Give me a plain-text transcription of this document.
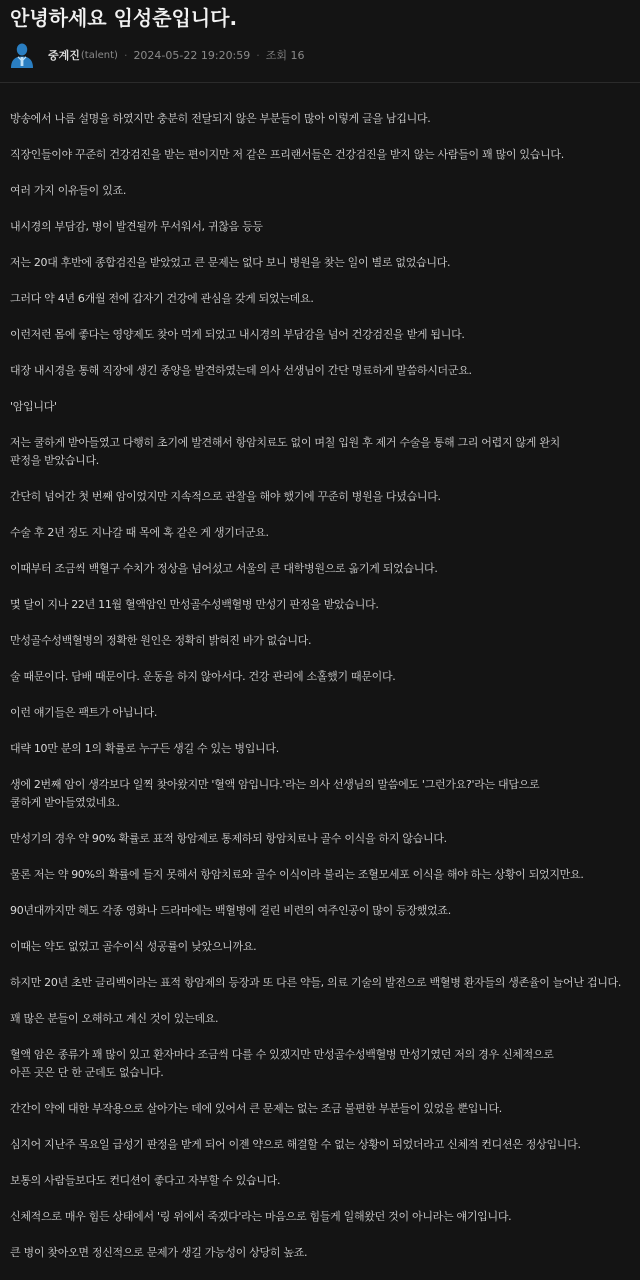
안녕하세요 임성춘입니다.
중계진 (talent) · 2024-05-22 19:20:59 · 조회 16

방송에서 나름 설명을 하였지만 충분히 전달되지 않은 부분들이 많아 이렇게 글을 남깁니다.

직장인들이야 꾸준히 건강검진을 받는 편이지만 저 같은 프리랜서들은 건강검진을 받지 않는 사람들이 꽤 많이 있습니다.

여러 가지 이유들이 있죠.

내시경의 부담감, 병이 발견될까 무서워서, 귀찮음 등등

저는 20대 후반에 종합검진을 받았었고 큰 문제는 없다 보니 병원을 찾는 일이 별로 없었습니다.

그러다 약 4년 6개월 전에 갑자기 건강에 관심을 갖게 되었는데요.

이런저런 몸에 좋다는 영양제도 찾아 먹게 되었고 내시경의 부담감을 넘어 건강검진을 받게 됩니다.

대장 내시경을 통해 직장에 생긴 종양을 발견하였는데 의사 선생님이 간단 명료하게 말씀하시더군요.

'암입니다'

저는 쿨하게 받아들였고 다행히 초기에 발견해서 항암치료도 없이 며칠 입원 후 제거 수술을 통해 그리 어렵지 않게 완치
판정을 받았습니다.

간단히 넘어간 첫 번째 암이었지만 지속적으로 관찰을 해야 했기에 꾸준히 병원을 다녔습니다.

수술 후 2년 정도 지나갈 때 목에 혹 같은 게 생기더군요.

이때부터 조금씩 백혈구 수치가 정상을 넘어섰고 서울의 큰 대학병원으로 옮기게 되었습니다.

몇 달이 지나 22년 11월 혈액암인 만성골수성백혈병 만성기 판정을 받았습니다.

만성골수성백혈병의 정확한 원인은 정확히 밝혀진 바가 없습니다.

술 때문이다. 담배 때문이다. 운동을 하지 않아서다. 건강 관리에 소홀했기 때문이다.

이런 얘기들은 팩트가 아닙니다.

대략 10만 분의 1의 확률로 누구든 생길 수 있는 병입니다.

생에 2번째 암이 생각보다 일찍 찾아왔지만 '혈액 암입니다.'라는 의사 선생님의 말씀에도 '그런가요?'라는 대답으로
쿨하게 받아들였었네요.

만성기의 경우 약 90% 확률로 표적 항암제로 통제하되 항암치료나 골수 이식을 하지 않습니다.

물론 저는 약 90%의 확률에 들지 못해서 항암치료와 골수 이식이라 불리는 조혈모세포 이식을 해야 하는 상황이 되었지만요.

90년대까지만 해도 각종 영화나 드라마에는 백혈병에 걸린 비련의 여주인공이 많이 등장했었죠.

이때는 약도 없었고 골수이식 성공률이 낮았으니까요.

하지만 20년 초반 글리벡이라는 표적 항암제의 등장과 또 다른 약들, 의료 기술의 발전으로 백혈병 환자들의 생존율이 늘어난 겁니다.

꽤 많은 분들이 오해하고 계신 것이 있는데요.

혈액 암은 종류가 꽤 많이 있고 환자마다 조금씩 다를 수 있겠지만 만성골수성백혈병 만성기였던 저의 경우 신체적으로
아픈 곳은 단 한 군데도 없습니다.

간간이 약에 대한 부작용으로 살아가는 데에 있어서 큰 문제는 없는 조금 불편한 부분들이 있었을 뿐입니다.

심지어 지난주 목요일 급성기 판정을 받게 되어 이젠 약으로 해결할 수 없는 상황이 되었더라고 신체적 컨디션은 정상입니다.

보통의 사람들보다도 컨디션이 좋다고 자부할 수 있습니다.

신체적으로 매우 힘든 상태에서 '링 위에서 죽겠다'라는 마음으로 힘들게 일해왔던 것이 아니라는 얘기입니다.

큰 병이 찾아오면 정신적으로 문제가 생길 가능성이 상당히 높죠.
